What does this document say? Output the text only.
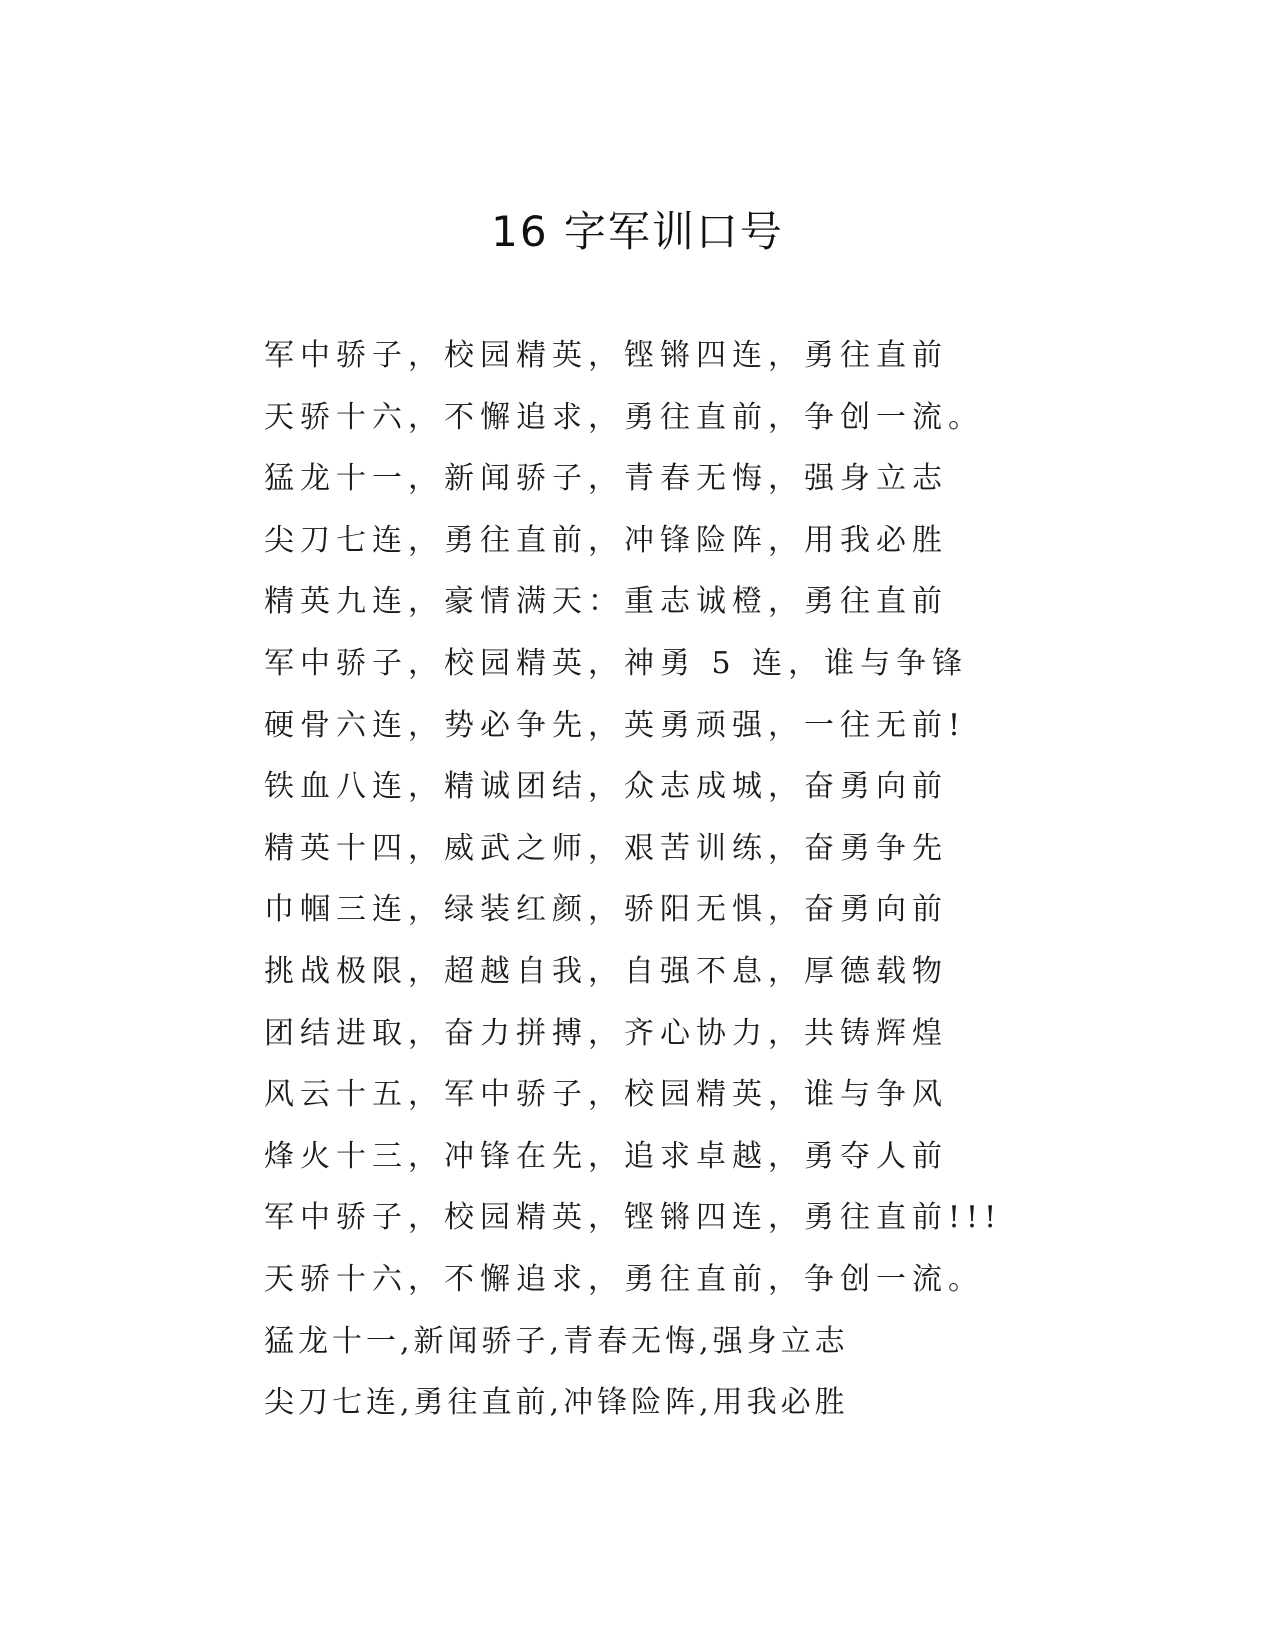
16 字军训口号
军中骄子，校园精英，铿锵四连，勇往直前
天骄十六，不懈追求，勇往直前，争创一流。
猛龙十一，新闻骄子，青春无悔，强身立志
尖刀七连，勇往直前，冲锋险阵，用我必胜
精英九连，豪情满天：重志诚橙，勇往直前
军中骄子，校园精英，神勇 5 连，谁与争锋
硬骨六连，势必争先，英勇顽强，一往无前!
铁血八连，精诚团结，众志成城，奋勇向前
精英十四，威武之师，艰苦训练，奋勇争先
巾帼三连，绿装红颜，骄阳无惧，奋勇向前
挑战极限，超越自我，自强不息，厚德载物
团结进取，奋力拼搏，齐心协力，共铸辉煌
风云十五，军中骄子，校园精英，谁与争风
烽火十三，冲锋在先，追求卓越，勇夺人前
军中骄子，校园精英，铿锵四连，勇往直前!!!
天骄十六，不懈追求，勇往直前，争创一流。
猛龙十一,新闻骄子,青春无悔,强身立志
尖刀七连,勇往直前,冲锋险阵,用我必胜
